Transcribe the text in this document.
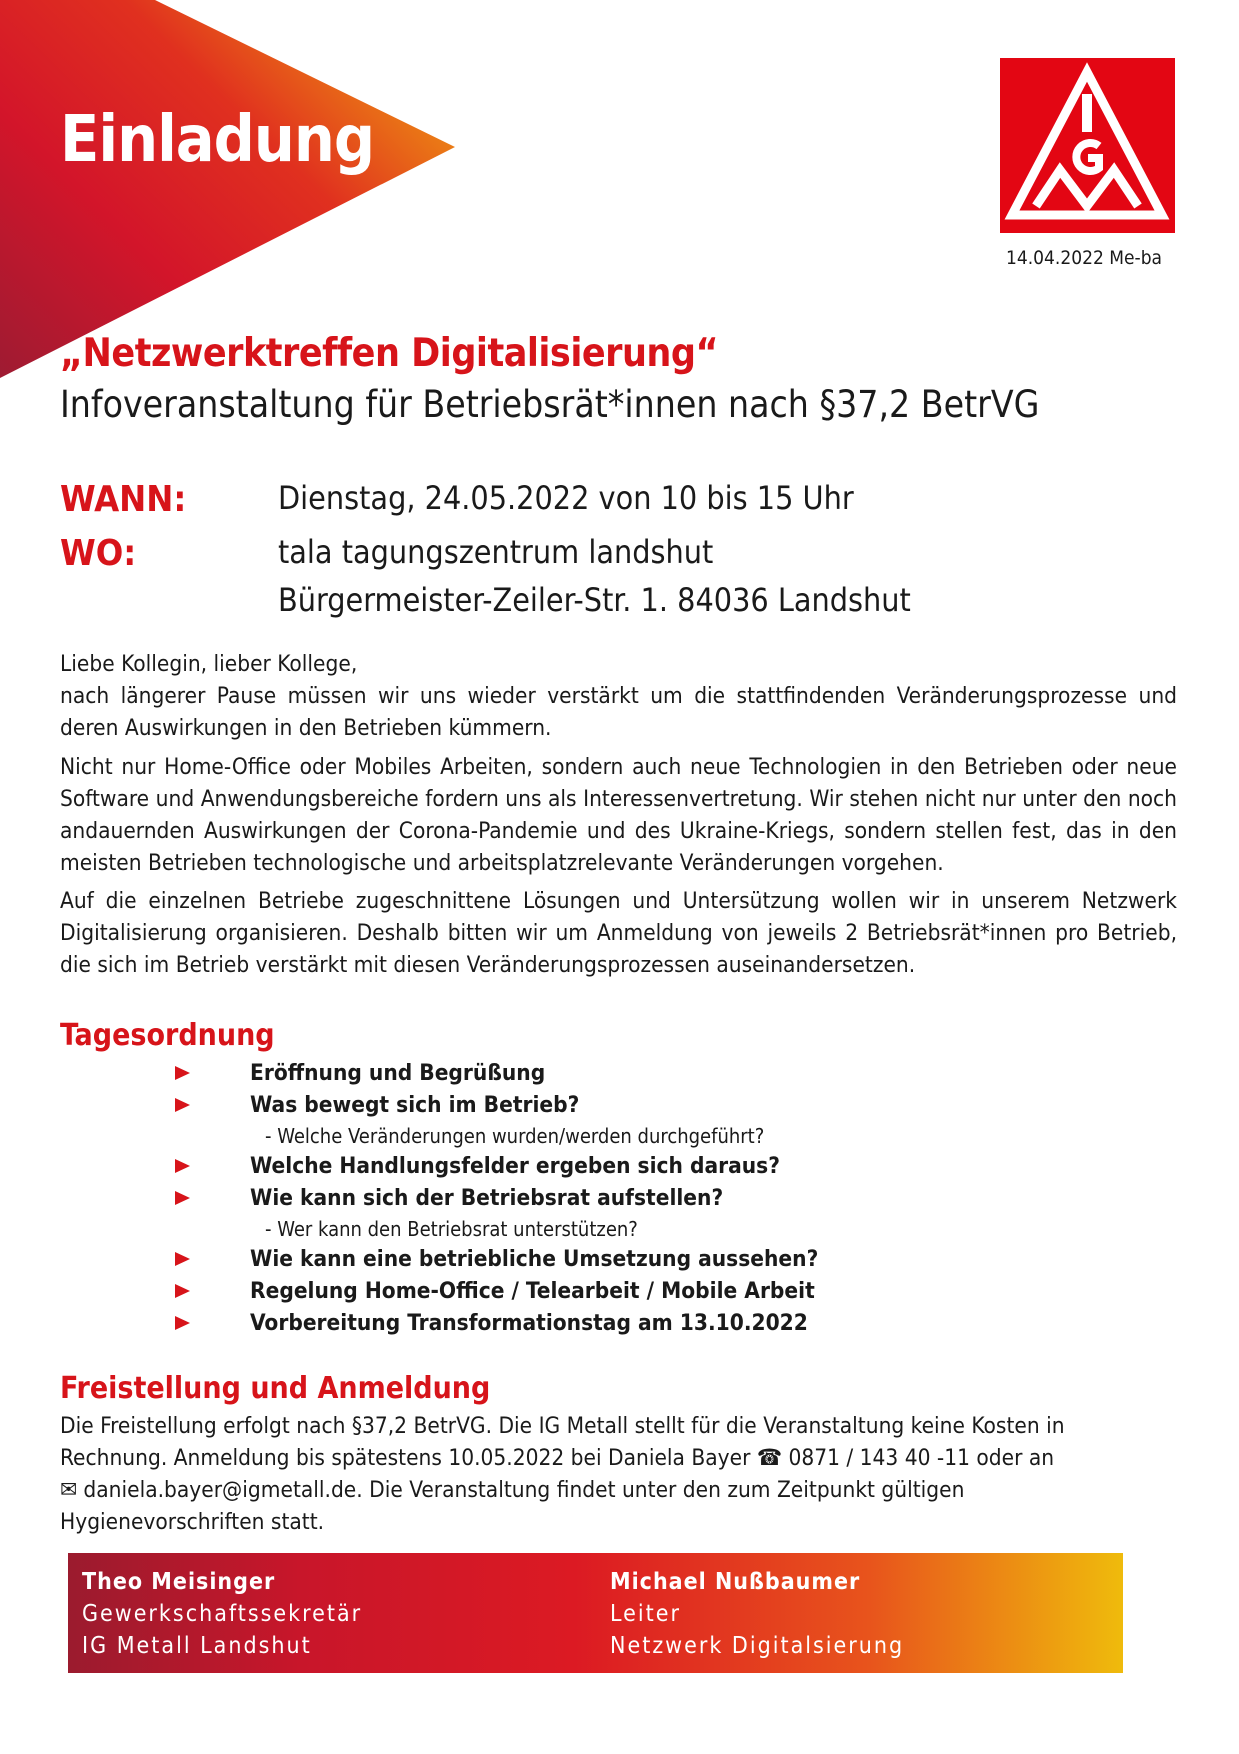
Einladung
14.04.2022 Me-ba
„Netzwerktreffen Digitalisierung“
Infoveranstaltung für Betriebsrät*innen nach §37,2 BetrVG
WANN:	Dienstag, 24.05.2022 von 10 bis 15 Uhr
WO:	tala tagungszentrum landshut
Bürgermeister-Zeiler-Str. 1. 84036 Landshut
Liebe Kollegin, lieber Kollege,
nach längerer Pause müssen wir uns wieder verstärkt um die stattfindenden Veränderungsprozesse und deren Auswirkungen in den Betrieben kümmern.
Nicht nur Home-Office oder Mobiles Arbeiten, sondern auch neue Technologien in den Betrieben oder neue Software und Anwendungsbereiche fordern uns als Interessenvertretung. Wir stehen nicht nur unter den noch andauernden Auswirkungen der Corona-Pandemie und des Ukraine-Kriegs, sondern stellen fest, das in den meisten Betrieben technologische und arbeitsplatzrelevante Veränderungen vorgehen.
Auf die einzelnen Betriebe zugeschnittene Lösungen und Untersützung wollen wir in unserem Netzwerk Digitalisierung organisieren. Deshalb bitten wir um Anmeldung von jeweils 2 Betriebsrät*innen pro Betrieb, die sich im Betrieb verstärkt mit diesen Veränderungsprozessen auseinandersetzen.
Tagesordnung
Eröffnung und Begrüßung
Was bewegt sich im Betrieb?
- Welche Veränderungen wurden/werden durchgeführt?
Welche Handlungsfelder ergeben sich daraus?
Wie kann sich der Betriebsrat aufstellen?
- Wer kann den Betriebsrat unterstützen?
Wie kann eine betriebliche Umsetzung aussehen?
Regelung Home-Office / Telearbeit / Mobile Arbeit
Vorbereitung Transformationstag am 13.10.2022
Freistellung und Anmeldung
Die Freistellung erfolgt nach §37,2 BetrVG. Die IG Metall stellt für die Veranstaltung keine Kosten in
Rechnung. Anmeldung bis spätestens 10.05.2022 bei Daniela Bayer ☎ 0871 / 143 40 -11 oder an
✉ daniela.bayer@igmetall.de. Die Veranstaltung findet unter den zum Zeitpunkt gültigen
Hygienevorschriften statt.
Theo Meisinger
Gewerkschaftssekretär
IG Metall Landshut
Michael Nußbaumer
Leiter
Netzwerk Digitalsierung
